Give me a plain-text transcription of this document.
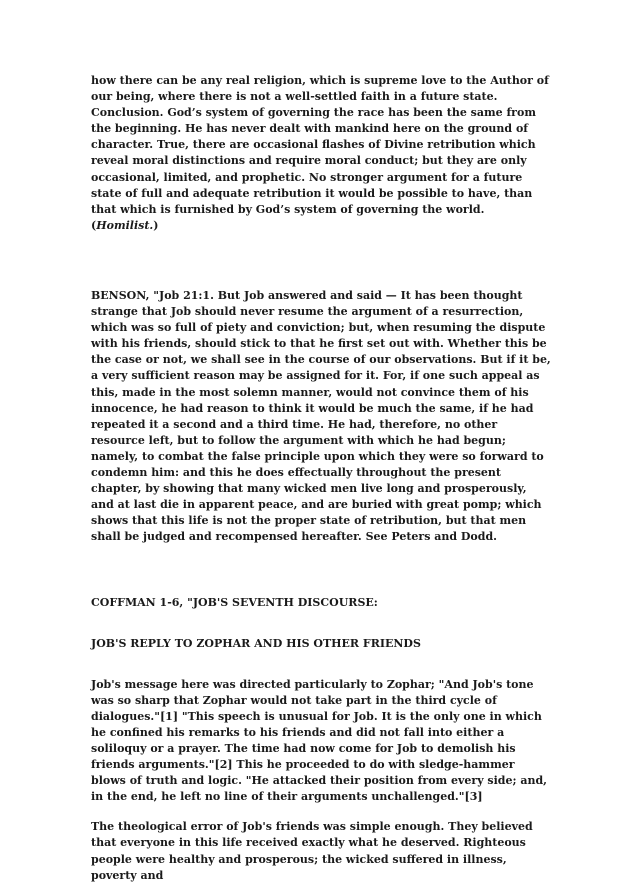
how there can be any real religion, which is supreme love to the Author of our being, where there is not a well-settled faith in a future state. Conclusion. God’s system of governing the race has been the same from the beginning. He has never dealt with mankind here on the ground of character. True, there are occasional flashes of Divine retribution which reveal moral distinctions and require moral conduct; but they are only occasional, limited, and prophetic. No stronger argument for a future state of full and adequate retribution it would be possible to have, than that which is furnished by God’s system of governing the world. (Homilist.)

BENSON, "Job 21:1. But Job answered and said — It has been thought strange that Job should never resume the argument of a resurrection, which was so full of piety and conviction; but, when resuming the dispute with his friends, should stick to that he first set out with. Whether this be the case or not, we shall see in the course of our observations. But if it be, a very sufficient reason may be assigned for it. For, if one such appeal as this, made in the most solemn manner, would not convince them of his innocence, he had reason to think it would be much the same, if he had repeated it a second and a third time. He had, therefore, no other resource left, but to follow the argument with which he had begun; namely, to combat the false principle upon which they were so forward to condemn him: and this he does effectually throughout the present chapter, by showing that many wicked men live long and prosperously, and at last die in apparent peace, and are buried with great pomp; which shows that this life is not the proper state of retribution, but that men shall be judged and recompensed hereafter. See Peters and Dodd.

COFFMAN 1-6, "JOB'S SEVENTH DISCOURSE:

JOB'S REPLY TO ZOPHAR AND HIS OTHER FRIENDS

Job's message here was directed particularly to Zophar; "And Job's tone was so sharp that Zophar would not take part in the third cycle of dialogues."[1] "This speech is unusual for Job. It is the only one in which he confined his remarks to his friends and did not fall into either a soliloquy or a prayer. The time had now come for Job to demolish his friends arguments."[2] This he proceeded to do with sledge-hammer blows of truth and logic. "He attacked their position from every side; and, in the end, he left no line of their arguments unchallenged."[3]

The theological error of Job's friends was simple enough. They believed that everyone in this life received exactly what he deserved. Righteous people were healthy and prosperous; the wicked suffered in illness, poverty and
